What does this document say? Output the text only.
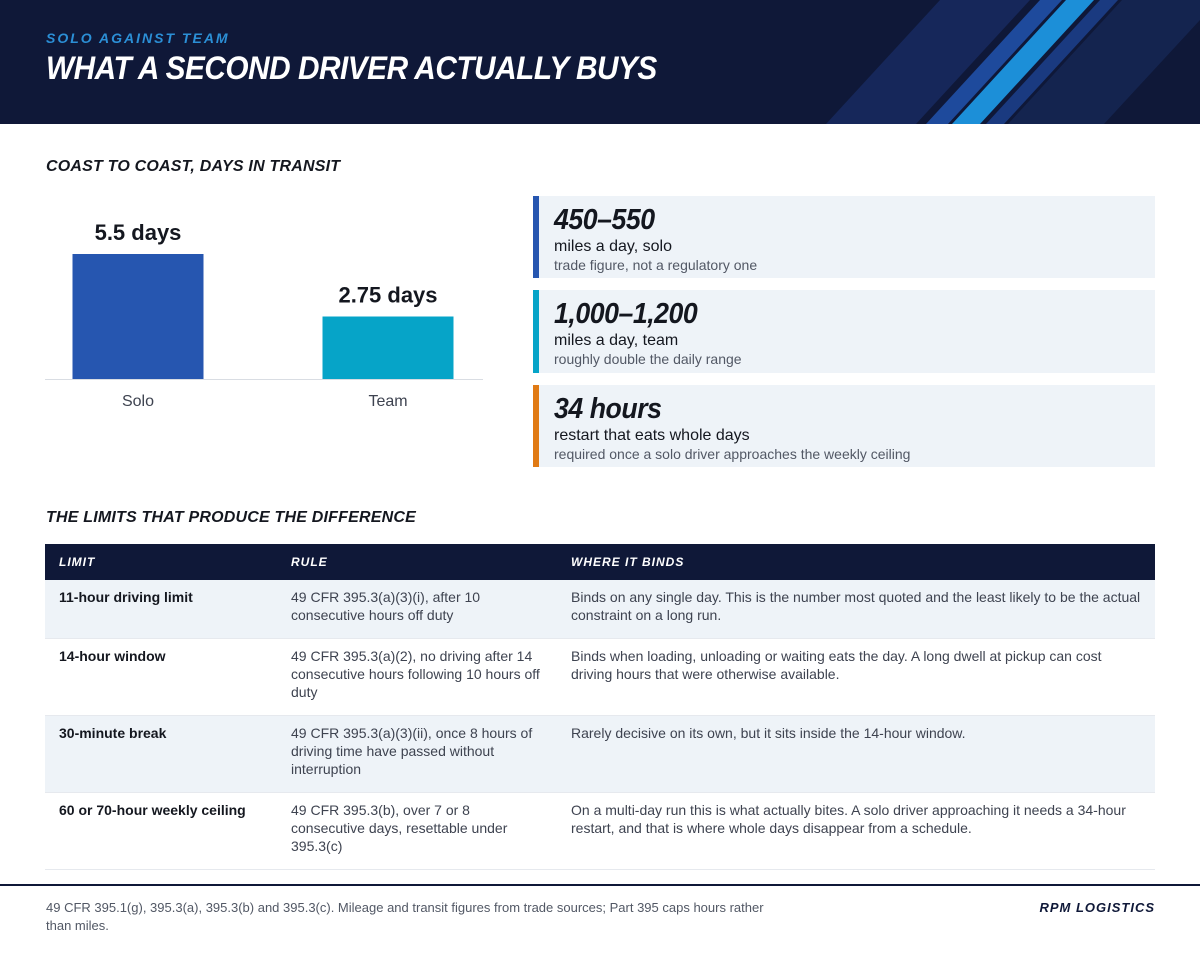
SOLO AGAINST TEAM
WHAT A SECOND DRIVER ACTUALLY BUYS
COAST TO COAST, DAYS IN TRANSIT
5.5 days
Solo
2.75 days
Team
450–550
miles a day, solo
trade figure, not a regulatory one
1,000–1,200
miles a day, team
roughly double the daily range
34 hours
restart that eats whole days
required once a solo driver approaches the weekly ceiling
THE LIMITS THAT PRODUCE THE DIFFERENCE
LIMIT	RULE	WHERE IT BINDS
11-hour driving limit	49 CFR 395.3(a)(3)(i), after 10 consecutive hours off duty	Binds on any single day. This is the number most quoted and the least likely to be the actual constraint on a long run.
14-hour window	49 CFR 395.3(a)(2), no driving after 14 consecutive hours following 10 hours off duty	Binds when loading, unloading or waiting eats the day. A long dwell at pickup can cost driving hours that were otherwise available.
30-minute break	49 CFR 395.3(a)(3)(ii), once 8 hours of driving time have passed without interruption	Rarely decisive on its own, but it sits inside the 14-hour window.
60 or 70-hour weekly ceiling	49 CFR 395.3(b), over 7 or 8 consecutive days, resettable under 395.3(c)	On a multi-day run this is what actually bites. A solo driver approaching it needs a 34-hour restart, and that is where whole days disappear from a schedule.
49 CFR 395.1(g), 395.3(a), 395.3(b) and 395.3(c). Mileage and transit figures from trade sources; Part 395 caps hours rather than miles.
RPM LOGISTICS
